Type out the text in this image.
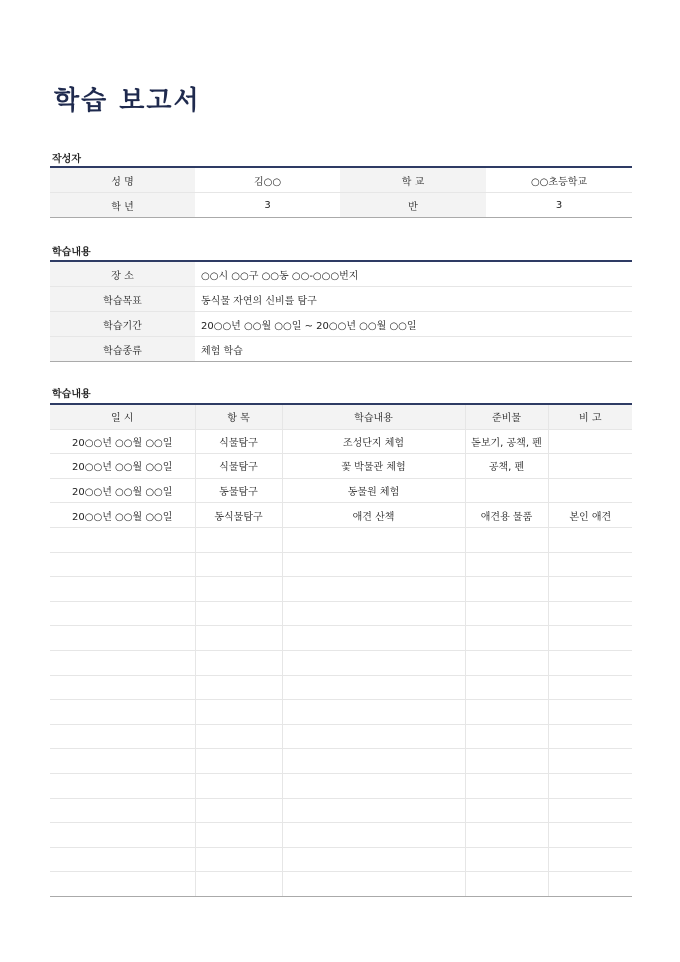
학습 보고서
작성자
성 명	김○○	학 교	○○초등학교
학 년	3	반	3
학습내용
장 소	○○시 ○○구 ○○동 ○○-○○○번지
학습목표	동식물 자연의 신비를 탐구
학습기간	20○○년 ○○월 ○○일 ~ 20○○년 ○○월 ○○일
학습종류	체험 학습
학습내용
일 시	항 목	학습내용	준비물	비 고
20○○년 ○○월 ○○일	식물탐구	조성단지 체험	돋보기, 공책, 펜	
20○○년 ○○월 ○○일	식물탐구	꽃 박물관 체험	공책, 펜	
20○○년 ○○월 ○○일	동물탐구	동물원 체험		
20○○년 ○○월 ○○일	동식물탐구	애견 산책	애견용 물품	본인 애견
